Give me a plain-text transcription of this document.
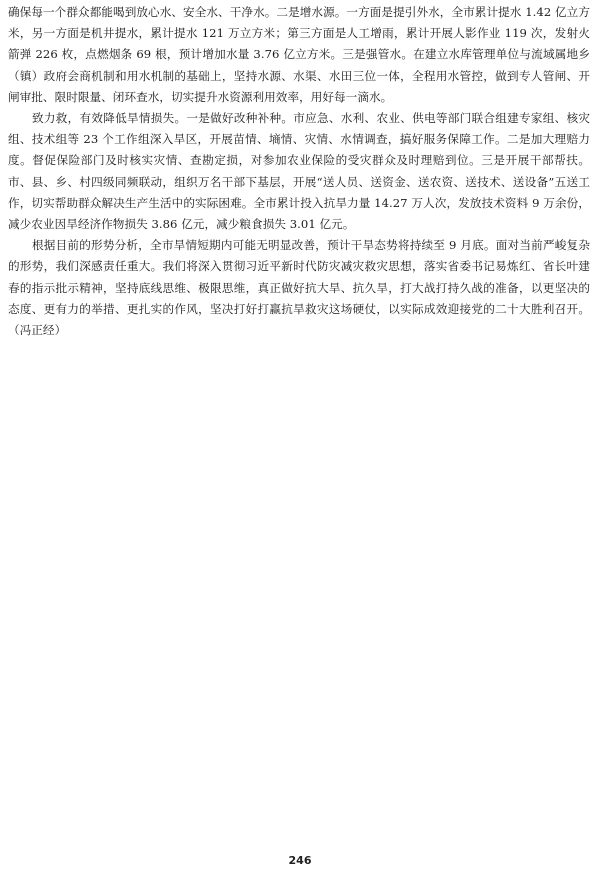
确保每一个群众都能喝到放心水、安全水、干净水。二是增水源。一方面是提引外水，全市累计提水 1.42 亿立方米，另一方面是机井提水，累计提水 121 万立方米；第三方面是人工增雨，累计开展人影作业 119 次，发射火箭弹 226 枚，点燃烟条 69 根，预计增加水量 3.76 亿立方米。三是强管水。在建立水库管理单位与流域属地乡（镇）政府会商机制和用水机制的基础上，坚持水源、水渠、水田三位一体，全程用水管控，做到专人管闸、开闸审批、限时限量、闭环查水，切实提升水资源利用效率，用好每一滴水。

致力救，有效降低旱情损失。一是做好改种补种。市应急、水利、农业、供电等部门联合组建专家组、核灾组、技术组等 23 个工作组深入旱区，开展苗情、墒情、灾情、水情调查，搞好服务保障工作。二是加大理赔力度。督促保险部门及时核实灾情、查勘定损，对参加农业保险的受灾群众及时理赔到位。三是开展干部帮扶。市、县、乡、村四级同频联动，组织万名干部下基层，开展“送人员、送资金、送农资、送技术、送设备”五送工作，切实帮助群众解决生产生活中的实际困难。全市累计投入抗旱力量 14.27 万人次，发放技术资料 9 万余份，减少农业因旱经济作物损失 3.86 亿元，减少粮食损失 3.01 亿元。

根据目前的形势分析，全市旱情短期内可能无明显改善，预计干旱态势将持续至 9 月底。面对当前严峻复杂的形势，我们深感责任重大。我们将深入贯彻习近平新时代防灾减灾救灾思想，落实省委书记易炼红、省长叶建春的指示批示精神，坚持底线思维、极限思维，真正做好抗大旱、抗久旱，打大战打持久战的准备，以更坚决的态度、更有力的举措、更扎实的作风，坚决打好打赢抗旱救灾这场硬仗，以实际成效迎接党的二十大胜利召开。（冯正经）

246
